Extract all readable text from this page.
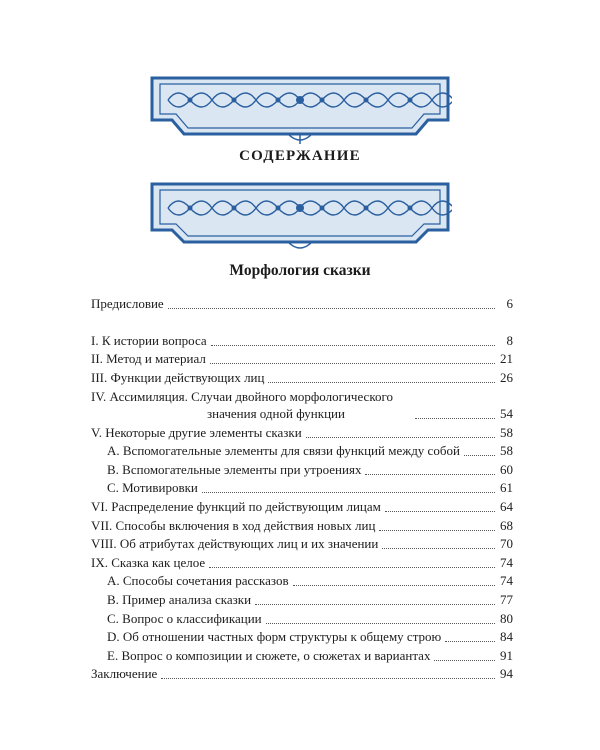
СОДЕРЖАНИЕ
Морфология сказки
Предисловие	6
I. К истории вопроса	8
II. Метод и материал	21
III. Функции действующих лиц	26
IV. Ассимиляция. Случаи двойного морфологического
значения одной функции	54
V. Некоторые другие элементы сказки	58
A. Вспомогательные элементы для связи функций между собой	58
B. Вспомогательные элементы при утроениях	60
C. Мотивировки	61
VI. Распределение функций по действующим лицам	64
VII. Способы включения в ход действия новых лиц	68
VIII. Об атрибутах действующих лиц и их значении	70
IX. Сказка как целое	74
A. Способы сочетания рассказов	74
B. Пример анализа сказки	77
C. Вопрос о классификации	80
D. Об отношении частных форм структуры к общему строю	84
E. Вопрос о композиции и сюжете, о сюжетах и вариантах	91
Заключение	94
